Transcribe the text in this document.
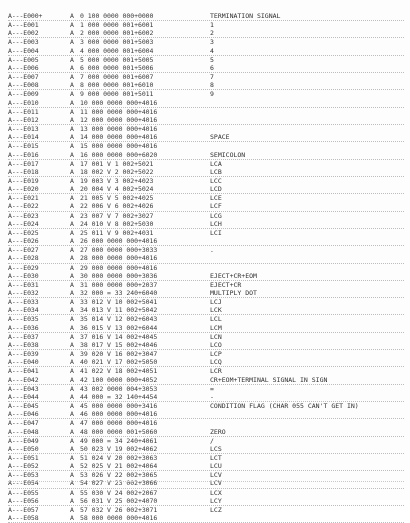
A---E000+	A 0 100 0000 000+0000	TERMINATION SIGNAL
A---E001	A 1 000 0000 001+6001	1
A---E002	A 2 000 0000 001+6002	2
A---E003	A 3 000 0000 001+5003	3
A---E004	A 4 000 0000 001+6004	4
A---E005	A 5 000 0000 001+5005	5
A---E006	A 6 000 0000 001+5006	6
A---E007	A 7 000 0000 001+6007	7
A---E008	A 8 000 0000 001+6010	8
A---E009	A 9 000 0000 001+5011	9
A---E010	A 10 000 0000 000+4016
A---E011	A 11 000 0000 000+4016
A---E012	A 12 000 0000 000+4016
A---E013	A 13 000 0000 000+4016
A---E014	A 14 000 0000 000+4016	SPACE
A---E015	A 15 000 0000 000+4016
A---E016	A 16 000 0000 000+6020	SEMICOLON
A---E017	A 17 001 V 1 002+5021	LCA
A---E018	A 18 002 V 2 002+5022	LCB
A---E019	A 19 003 V 3 002+4023	LCC
A---E020	A 20 004 V 4 002+5024	LCD
A---E021	A 21 005 V 5 002+4025	LCE
A---E022	A 22 006 V 6 002+4026	LCF
A---E023	A 23 007 V 7 002+3027	LCG
A---E024	A 24 010 V 8 002+5030	LCH
A---E025	A 25 011 V 9 002+4031	LCI
A---E026	A 26 000 0000 000+4016
A---E027	A 27 000 0000 000+3033	.
A---E028	A 28 000 0000 000+4016
A---E029	A 29 000 0000 000+4016
A---E030	A 30 000 0000 000+3036	EJECT+CR+EOM
A---E031	A 31 000 0000 000+2037	EJECT+CR
A---E032	A 32 000 = 33 240+6040	MULTIPLY DOT
A---E033	A 33 012 V 10 002+5041	LCJ
A---E034	A 34 013 V 11 002+5042	LCK
A---E035	A 35 014 V 12 002+6043	LCL
A---E036	A 36 015 V 13 002+6044	LCM
A---E037	A 37 016 V 14 002+4045	LCN
A---E038	A 38 017 V 15 002+4046	LCO
A---E039	A 39 020 V 16 002+3047	LCP
A---E040	A 40 021 V 17 002+5050	LCQ
A---E041	A 41 022 V 18 002+4051	LCR
A---E042	A 42 100 0000 000+4052	CR+EOM+TERMINAL SIGNAL IN SIGN
A---E043	A 43 002 0000 004+3053	=
A---E044	A 44 000 = 32 140+4454	-
A---E045	A 45 000 0000 000+3416	CONDITION FLAG (CHAR 055 CAN'T GET IN)
A---E046	A 46 000 0000 000+4016
A---E047	A 47 000 0000 000+4016
A---E048	A 48 000 0000 001+5060	ZERO
A---E049	A 49 000 = 34 240+4061	/
A---E050	A 50 023 V 19 002+4062	LCS
A---E051	A 51 024 V 20 002+3063	LCT
A---E052	A 52 025 V 21 002+4064	LCU
A---E053	A 53 026 V 22 002+3065	LCV
A---E054	A 54 027 V 23 002+3066	LCV
A---E055	A 55 030 V 24 002+2067	LCX
A---E056	A 56 031 V 25 002+4070	LCY
A---E057	A 57 032 V 26 002+3071	LCZ
A---E058	A 58 000 0000 000+4016
